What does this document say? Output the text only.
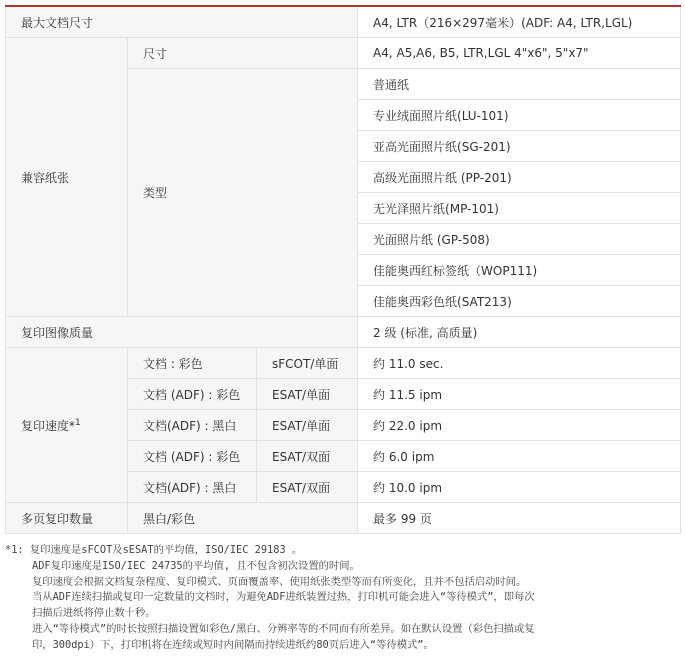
最大文档尺寸			A4, LTR（216×297毫米）(ADF: A4, LTR,LGL)
兼容纸张	尺寸		A4, A5,A6, B5, LTR,LGL 4"x6", 5"x7"
	类型		普通纸
			专业绒面照片纸(LU-101)
			亚高光面照片纸(SG-201)
			高级光面照片纸 (PP-201)
			无光泽照片纸(MP-101)
			光面照片纸 (GP-508)
			佳能奥西红标签纸（WOP111)
			佳能奥西彩色纸(SAT213)
复印图像质量			2 级 (标准, 高质量)
复印速度*$^1$	文档 : 彩色	sFCOT/单面	约 11.0 sec.
	文档 (ADF) : 彩色	ESAT/单面	约 11.5 ipm
	文档(ADF) : 黑白	ESAT/单面	约 22.0 ipm
	文档 (ADF) : 彩色	ESAT/双面	约 6.0 ipm
	文档(ADF) : 黑白	ESAT/双面	约 10.0 ipm
多页复印数量	黑白/彩色		最多 99 页
*1: 复印速度是sFCOT及sESAT的平均值，ISO/IEC 29183 。
ADF复印速度是ISO/IEC 24735的平均值, 且不包含初次设置的时间。
复印速度会根据文档复杂程度、复印模式、页面覆盖率、使用纸张类型等而有所变化，且并不包括启动时间。
当从ADF连续扫描或复印一定数量的文档时，为避免ADF进纸装置过热，打印机可能会进入“等待模式”，即每次
扫描后进纸将停止数十秒。
进入“等待模式”的时长按照扫描设置如彩色/黑白、分辨率等的不同而有所差异。如在默认设置（彩色扫描或复
印，300dpi）下，打印机将在连续或短时内间隔而持续进纸约80页后进入“等待模式”。
